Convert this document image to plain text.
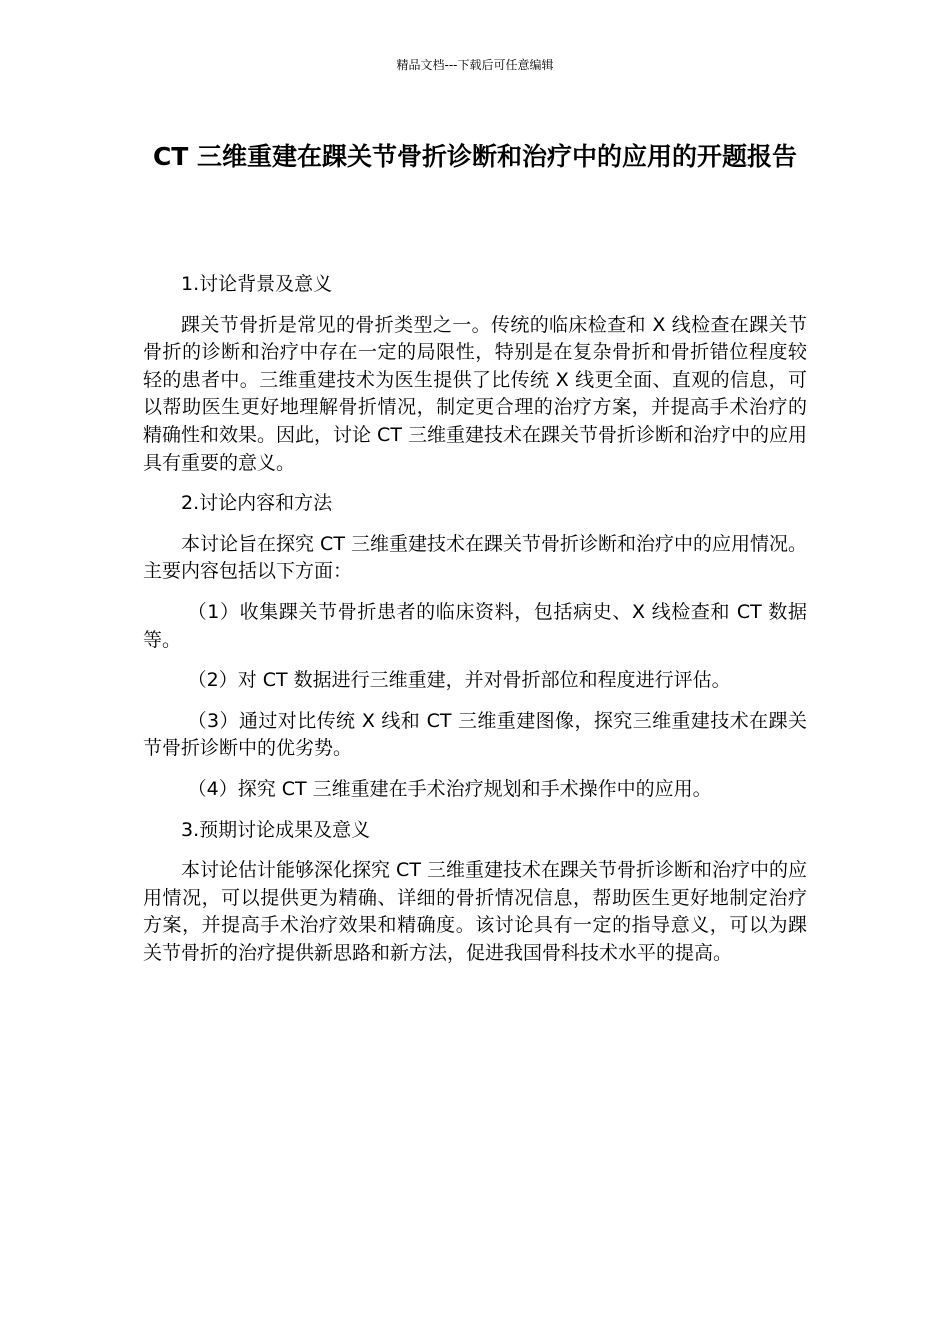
精品文档---下载后可任意编辑
CT 三维重建在踝关节骨折诊断和治疗中的应用的开题报告

1.讨论背景及意义

踝关节骨折是常见的骨折类型之一。传统的临床检查和 X 线检查在踝关节骨折的诊断和治疗中存在一定的局限性，特别是在复杂骨折和骨折错位程度较轻的患者中。三维重建技术为医生提供了比传统 X 线更全面、直观的信息，可以帮助医生更好地理解骨折情况，制定更合理的治疗方案，并提高手术治疗的精确性和效果。因此，讨论 CT 三维重建技术在踝关节骨折诊断和治疗中的应用具有重要的意义。

2.讨论内容和方法

本讨论旨在探究 CT 三维重建技术在踝关节骨折诊断和治疗中的应用情况。主要内容包括以下方面：

（1）收集踝关节骨折患者的临床资料，包括病史、X 线检查和 CT 数据等。

（2）对 CT 数据进行三维重建，并对骨折部位和程度进行评估。

（3）通过对比传统 X 线和 CT 三维重建图像，探究三维重建技术在踝关节骨折诊断中的优劣势。

（4）探究 CT 三维重建在手术治疗规划和手术操作中的应用。

3.预期讨论成果及意义

本讨论估计能够深化探究 CT 三维重建技术在踝关节骨折诊断和治疗中的应用情况，可以提供更为精确、详细的骨折情况信息，帮助医生更好地制定治疗方案，并提高手术治疗效果和精确度。该讨论具有一定的指导意义，可以为踝关节骨折的治疗提供新思路和新方法，促进我国骨科技术水平的提高。
